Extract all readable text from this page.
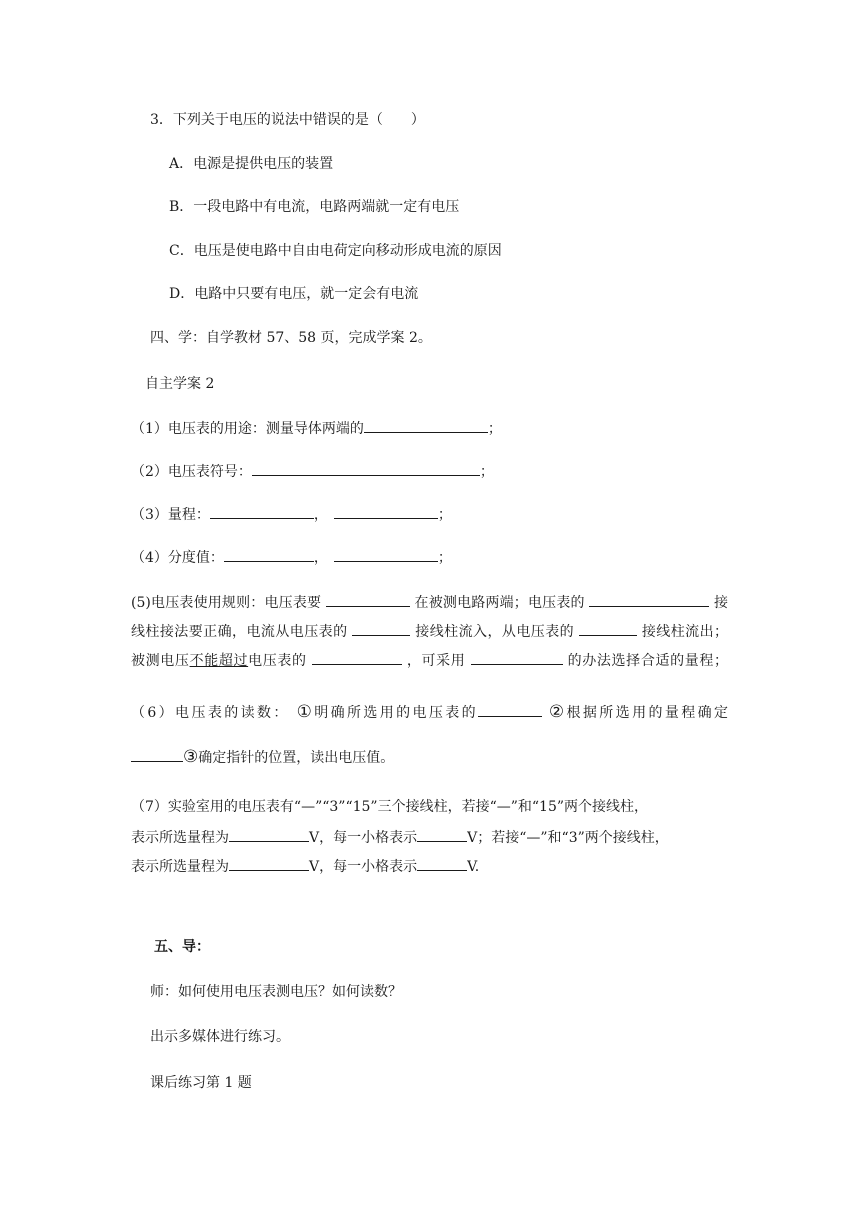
3．下列关于电压的说法中错误的是（　　）
A．电源是提供电压的装置
B．一段电路中有电流，电路两端就一定有电压
C．电压是使电路中自由电荷定向移动形成电流的原因
D．电路中只要有电压，就一定会有电流
四、学：自学教材 57、58 页，完成学案 2。
自主学案 2
（1）电压表的用途：测量导体两端的	；
（2）电压表符号：	；
（3）量程：	，	；
（4）分度值：	，	；
(5)电压表使用规则：电压表要	在被测电路两端；电压表的	接
线柱接法要正确，电流从电压表的	接线柱流入，从电压表的	接线柱流出；
被测电压不能超过电压表的	，可采用	的办法选择合适的量程；
（6）电压表的读数： ①明确所选用的电压表的	②根据所选用的量程确定
③确定指针的位置，读出电压值。
（7）实验室用的电压表有“—”“3”“15”三个接线柱，若接“—”和“15”两个接线柱，
表示所选量程为	V，每一小格表示	V；若接“—”和“3”两个接线柱，
表示所选量程为	V，每一小格表示	V.
五、导：
师：如何使用电压表测电压？如何读数？
出示多媒体进行练习。
课后练习第 1 题
